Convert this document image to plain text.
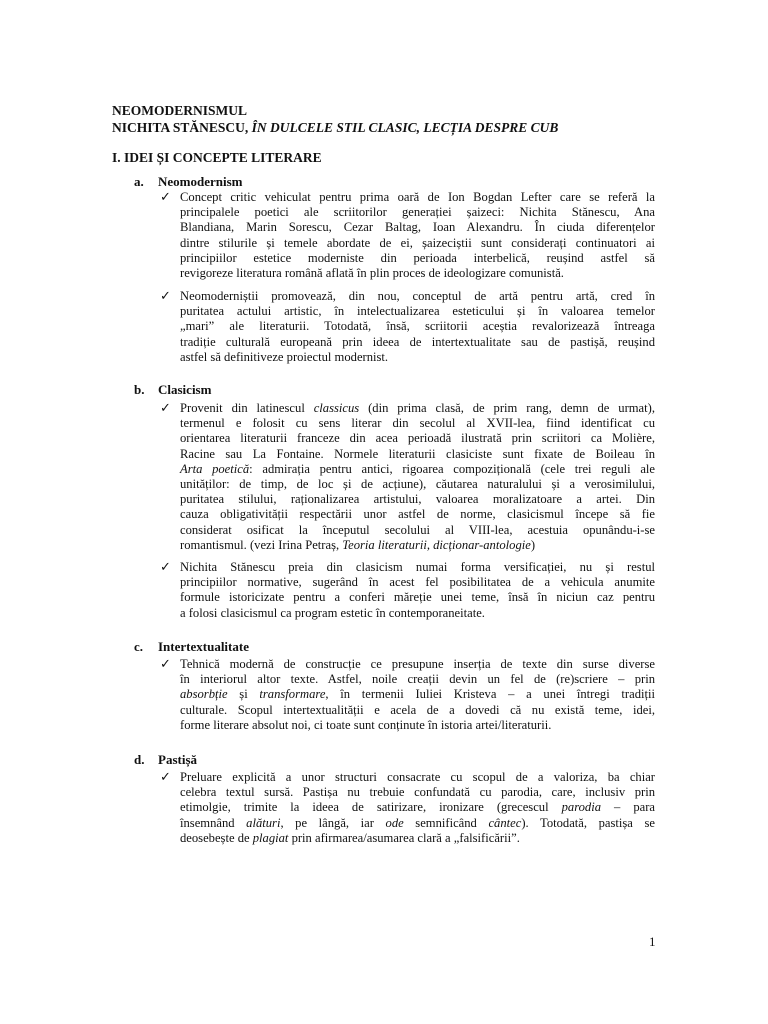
NEOMODERNISMUL
NICHITA STĂNESCU, ÎN DULCELE STIL CLASIC, LECȚIA DESPRE CUB
I. IDEI ȘI CONCEPTE LITERARE
a. Neomodernism
✓ Concept critic vehiculat pentru prima oară de Ion Bogdan Lefter care se referă la
principalele poetici ale scriitorilor generației șaizeci: Nichita Stănescu, Ana
Blandiana, Marin Sorescu, Cezar Baltag, Ioan Alexandru. În ciuda diferențelor
dintre stilurile și temele abordate de ei, șaizeciștii sunt considerați continuatori ai
principiilor estetice moderniste din perioada interbelică, reușind astfel să
revigoreze literatura română aflată în plin proces de ideologizare comunistă.
✓ Neomoderniștii promovează, din nou, conceptul de artă pentru artă, cred în
puritatea actului artistic, în intelectualizarea esteticului și în valoarea temelor
„mari” ale literaturii. Totodată, însă, scriitorii aceștia revalorizează întreaga
tradiție culturală europeană prin ideea de intertextualitate sau de pastișă, reușind
astfel să definitiveze proiectul modernist.
b. Clasicism
✓ Provenit din latinescul classicus (din prima clasă, de prim rang, demn de urmat),
termenul e folosit cu sens literar din secolul al XVII-lea, fiind identificat cu
orientarea literaturii franceze din acea perioadă ilustrată prin scriitori ca Molière,
Racine sau La Fontaine. Normele literaturii clasiciste sunt fixate de Boileau în
Arta poetică: admirația pentru antici, rigoarea compozițională (cele trei reguli ale
unităților: de timp, de loc și de acțiune), căutarea naturalului și a verosimilului,
puritatea stilului, raționalizarea artistului, valoarea moralizatoare a artei. Din
cauza obligativității respectării unor astfel de norme, clasicismul începe să fie
considerat osificat la începutul secolului al VIII-lea, acestuia opunându-i-se
romantismul. (vezi Irina Petraș, Teoria literaturii, dicționar-antologie)
✓ Nichita Stănescu preia din clasicism numai forma versificației, nu și restul
principiilor normative, sugerând în acest fel posibilitatea de a vehicula anumite
formule istoricizate pentru a conferi măreție unei teme, însă în niciun caz pentru
a folosi clasicismul ca program estetic în contemporaneitate.
c. Intertextualitate
✓ Tehnică modernă de construcție ce presupune inserția de texte din surse diverse
în interiorul altor texte. Astfel, noile creații devin un fel de (re)scriere – prin
absorbție și transformare, în termenii Iuliei Kristeva – a unei întregi tradiții
culturale. Scopul intertextualității e acela de a dovedi că nu există teme, idei,
forme literare absolut noi, ci toate sunt conținute în istoria artei/literaturii.
d. Pastișă
✓ Preluare explicită a unor structuri consacrate cu scopul de a valoriza, ba chiar
celebra textul sursă. Pastișa nu trebuie confundată cu parodia, care, inclusiv prin
etimolgie, trimite la ideea de satirizare, ironizare (grecescul parodia – para
însemnând alături, pe lângă, iar ode semnificând cântec). Totodată, pastișa se
deosebește de plagiat prin afirmarea/asumarea clară a „falsificării”.
1
